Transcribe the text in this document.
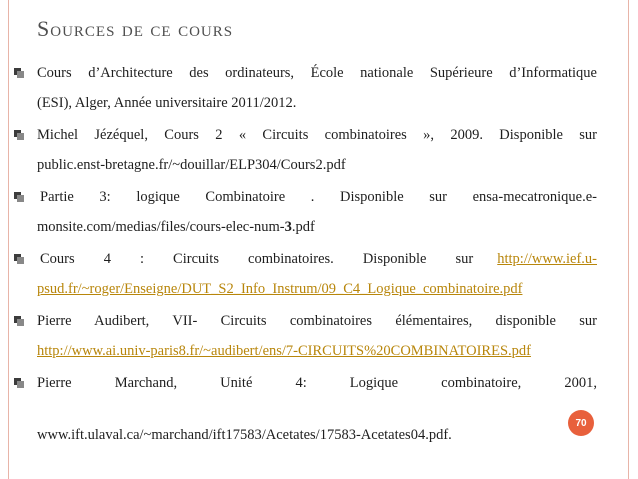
Sources de ce cours
Cours d’Architecture des ordinateurs, École nationale Supérieure d’Informatique
(ESI), Alger, Année universitaire 2011/2012.
Michel Jézéquel, Cours 2 « Circuits combinatoires », 2009. Disponible sur
public.enst-bretagne.fr/~douillar/ELP304/Cours2.pdf
Partie 3: logique Combinatoire . Disponible sur ensa-mecatronique.e-
monsite.com/medias/files/cours-elec-num-3.pdf
Cours 4 : Circuits combinatoires. Disponible sur http://www.ief.u-
psud.fr/~roger/Enseigne/DUT_S2_Info_Instrum/09_C4_Logique_combinatoire.pdf
Pierre Audibert, VII- Circuits combinatoires élémentaires, disponible sur
http://www.ai.univ-paris8.fr/~audibert/ens/7-CIRCUITS%20COMBINATOIRES.pdf
Pierre Marchand, Unité 4: Logique combinatoire, 2001,
www.ift.ulaval.ca/~marchand/ift17583/Acetates/17583-Acetates04.pdf.
70
